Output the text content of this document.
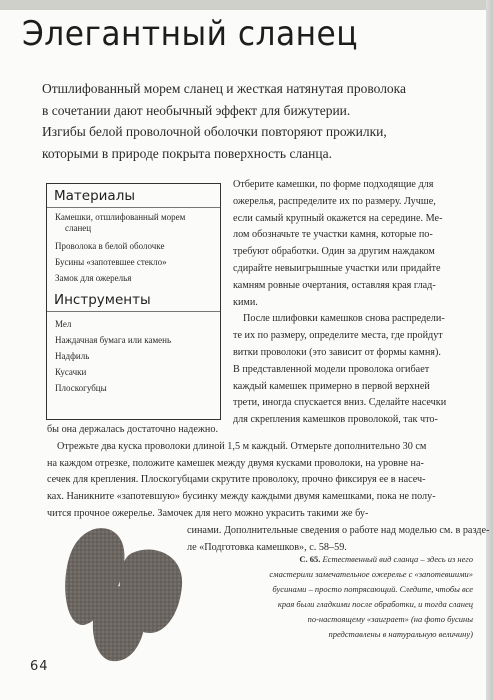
Элегантный сланец
Отшлифованный морем сланец и жесткая натянутая проволока
в сочетании дают необычный эффект для бижутерии.
Изгибы белой проволочной оболочки повторяют прожилки,
которыми в природе покрыта поверхность сланца.
Материалы
Камешки, отшлифованный морем
сланец
Проволока в белой оболочке
Бусины «запотевшее стекло»
Замок для ожерелья
Инструменты
Мел
Наждачная бумага или камень
Надфиль
Кусачки
Плоскогубцы
Отберите камешки, по форме подходящие для
ожерелья, распределите их по размеру. Лучше,
если самый крупный окажется на середине. Ме-
лом обозначьте те участки камня, которые по-
требуют обработки. Один за другим наждаком
сдирайте невыигрышные участки или придайте
камням ровные очертания, оставляя края глад-
кими.
После шлифовки камешков снова распредели-
те их по размеру, определите места, где пройдут
витки проволоки (это зависит от формы камня).
В представленной модели проволока огибает
каждый камешек примерно в первой верхней
трети, иногда спускается вниз. Сделайте насечки
для скрепления камешков проволокой, так что-
бы она держалась достаточно надежно.
Отрежьте два куска проволоки длиной 1,5 м каждый. Отмерьте дополнительно 30 см
на каждом отрезке, положите камешек между двумя кусками проволоки, на уровне на-
сечек для крепления. Плоскогубцами скрутите проволоку, прочно фиксируя ее в насеч-
ках. Наникните «запотевшую» бусинку между каждыми двумя камешками, пока не полу-
чится прочное ожерелье. Замочек для него можно украсить такими же бу-
синами. Дополнительные сведения о работе над моделью см. в разде-
ле «Подготовка камешков», с. 58–59.
С. 65. Естественный вид сланца – здесь из него
смастерили замечательное ожерелье с «запотевшими»
бусинами – просто потрясающий. Следите, чтобы все
края были гладкими после обработки, и тогда сланец
по-настоящему «заиграет» (на фото бусины
представлены в натуральную величину)
64
